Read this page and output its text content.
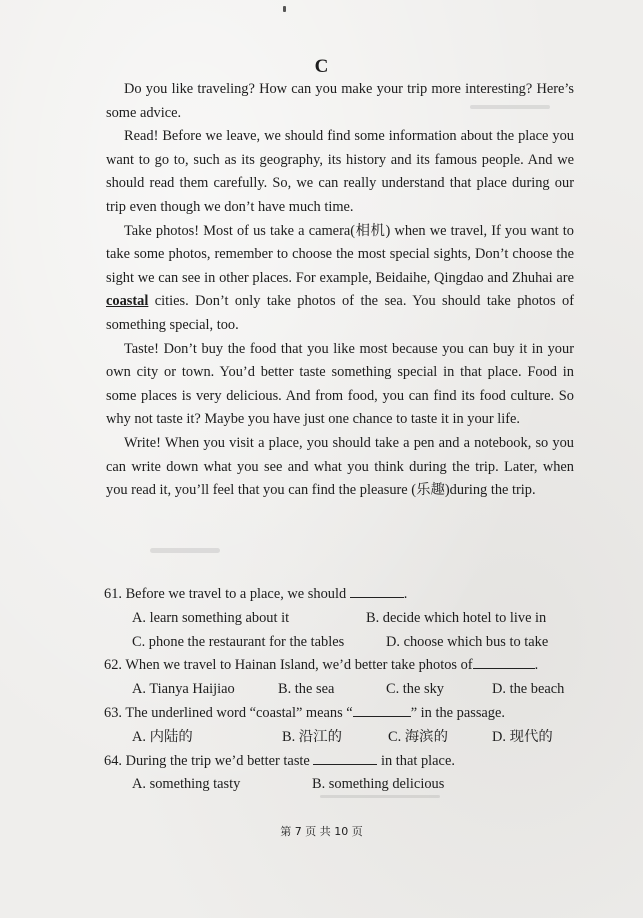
C

Do you like traveling? How can you make your trip more interesting? Here’s some advice.

Read! Before we leave, we should find some information about the place you want to go to, such as its geography, its history and its famous people. And we should read them carefully. So, we can really understand that place during our trip even though we don’t have much time.

Take photos! Most of us take a camera(相机) when we travel, If you want to take some photos, remember to choose the most special sights, Don’t choose the sight we can see in other places. For example, Beidaihe, Qingdao and Zhuhai are coastal cities. Don’t only take photos of the sea. You should take photos of something special, too.

Taste! Don’t buy the food that you like most because you can buy it in your own city or town. You’d better taste something special in that place. Food in some places is very delicious. And from food, you can find its food culture. So why not taste it? Maybe you have just one chance to taste it in your life.

Write! When you visit a place, you should take a pen and a notebook, so you can write down what you see and what you think during the trip. Later, when you read it, you’ll feel that you can find the pleasure (乐趣)during the trip.

61. Before we travel to a place, we should	.

A. learn something about it	B. decide which hotel to live in
C. phone the restaurant for the tables	D. choose which bus to take

62. When we travel to Hainan Island, we’d better take photos of	.

A. Tianya Haijiao	B. the sea	C. the sky	D. the beach

63. The underlined word “coastal” means “	” in the passage.

A. 内陆的	B. 沿江的	C. 海滨的	D. 现代的

64. During the trip we’d better taste	in that place.

A. something tasty	B. something delicious
第 7 页 共 10 页
